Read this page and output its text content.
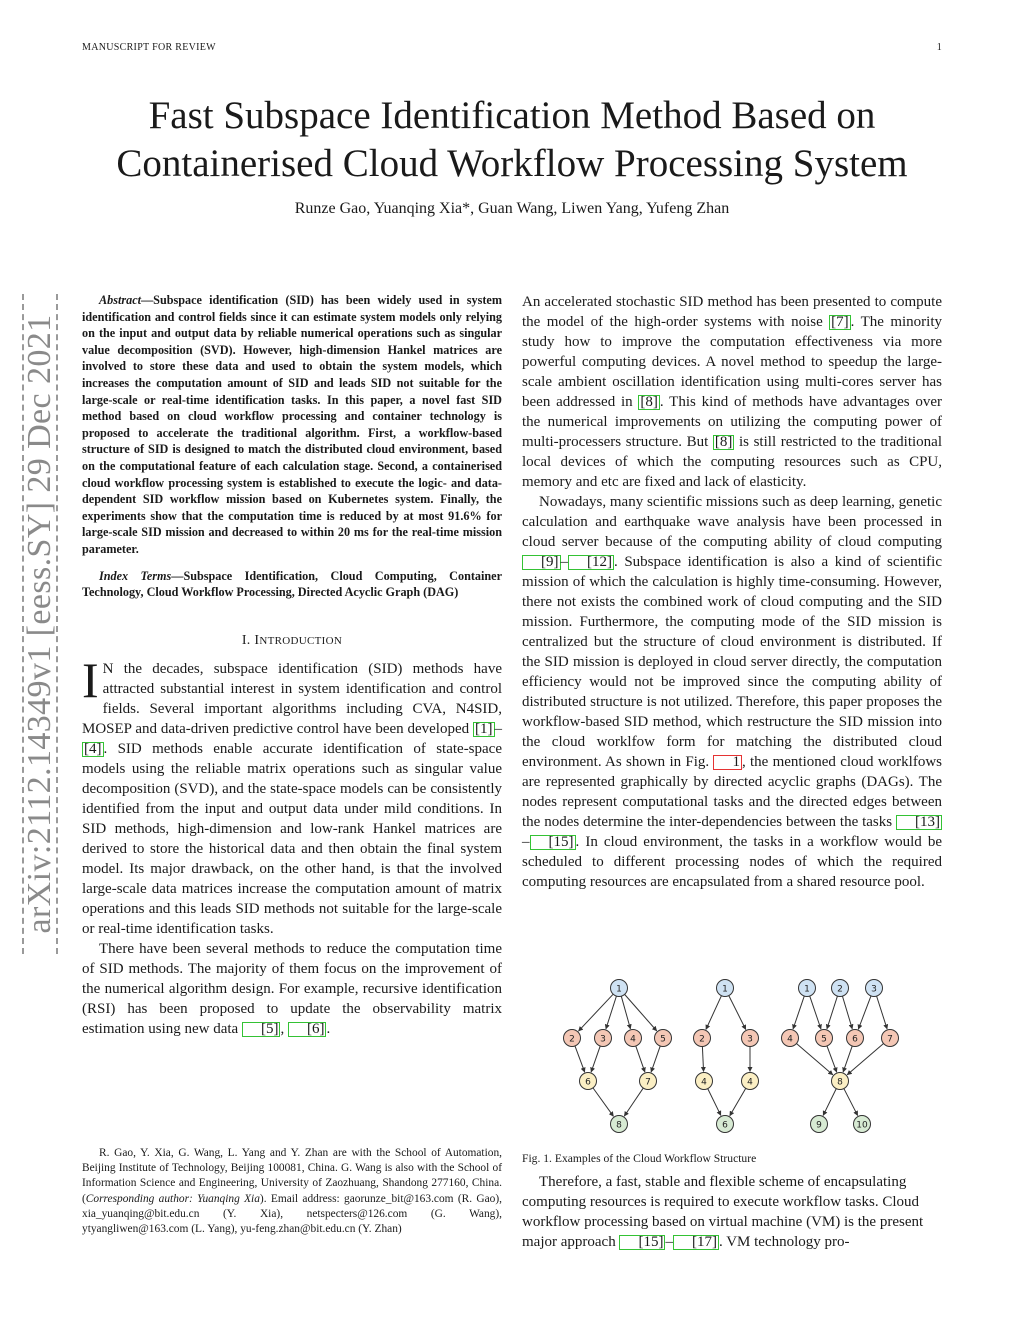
MANUSCRIPT FOR REVIEW	1
Fast Subspace Identification Method Based on
Containerised Cloud Workflow Processing System
Runze Gao, Yuanqing Xia*, Guan Wang, Liwen Yang, Yufeng Zhan
arXiv:2112.14349v1 [eess.SY] 29 Dec 2021

Abstract—Subspace identification (SID) has been widely used in system identification and control fields since it can estimate system models only relying on the input and output data by reliable numerical operations such as singular value decomposition (SVD). However, high-dimension Hankel matrices are involved to store these data and used to obtain the system models, which increases the computation amount of SID and leads SID not suitable for the large-scale or real-time identification tasks. In this paper, a novel fast SID method based on cloud workflow processing and container technology is proposed to accelerate the traditional algorithm. First, a workflow-based structure of SID is designed to match the distributed cloud environment, based on the computational feature of each calculation stage. Second, a containerised cloud workflow processing system is established to execute the logic- and data- dependent SID workflow mission based on Kubernetes system. Finally, the experiments show that the computation time is reduced by at most 91.6% for large-scale SID mission and decreased to within 20 ms for the real-time mission parameter.

Index Terms—Subspace Identification, Cloud Computing, Container Technology, Cloud Workflow Processing, Directed Acyclic Graph (DAG)

I. INTRODUCTION

I N the decades, subspace identification (SID) methods have attracted substantial interest in system identification and control fields. Several important algorithms including CVA, N4SID, MOSEP and data-driven predictive control have been developed [1] –[4] . SID methods enable accurate identification of state-space models using the reliable matrix operations such as singular value decomposition (SVD), and the state-space models can be consistently identified from the input and output data under mild conditions. In SID methods, high-dimension and low-rank Hankel matrices are derived to store the historical data and then obtain the final system model. Its major drawback, on the other hand, is that the involved large-scale data matrices increase the computation amount of matrix operations and this leads SID methods not suitable for the large-scale or real-time identification tasks.

There have been several methods to reduce the computation time of SID methods. The majority of them focus on the improvement of the numerical algorithm design. For example, recursive identification (RSI) has been proposed to update the observability matrix estimation using new data [5] , [6] .

R. Gao, Y. Xia, G. Wang, L. Yang and Y. Zhan are with the School of Automation, Beijing Institute of Technology, Beijing 100081, China. G. Wang is also with the School of Information Science and Engineering, University of Zaozhuang, Shandong 277160, China. (Corresponding author: Yuanqing Xia). Email address: gaorunze_bit@163.com (R. Gao), xia_yuanqing@bit.edu.cn (Y. Xia), netspecters@126.com (G. Wang), ytyangliwen@163.com (L. Yang), yu-feng.zhan@bit.edu.cn (Y. Zhan)

An accelerated stochastic SID method has been presented to compute the model of the high-order systems with noise [7] . The minority study how to improve the computation effectiveness via more powerful computing devices. A novel method to speedup the large-scale ambient oscillation identification using multi-cores server has been addressed in [8] . This kind of methods have advantages over the numerical improvements on utilizing the computing power of multi-processers structure. But [8] is still restricted to the traditional local devices of which the computing resources such as CPU, memory and etc are fixed and lack of elasticity.

Nowadays, many scientific missions such as deep learning, genetic calculation and earthquake wave analysis have been processed in cloud server because of the computing ability of cloud computing [9] – [12] . Subspace identification is also a kind of scientific mission of which the calculation is highly time-consuming. However, there not exists the combined work of cloud computing and the SID mission. Furthermore, the computing mode of the SID mission is centralized but the structure of cloud environment is distributed. If the SID mission is deployed in cloud server directly, the computation efficiency would not be improved since the computing ability of distributed structure is not utilized. Therefore, this paper proposes the workflow-based SID method, which restructure the SID mission into the cloud worklfow form for matching the distributed cloud environment. As shown in Fig. 1 , the mentioned cloud worklfows are represented graphically by directed acyclic graphs (DAGs). The nodes represent computational tasks and the directed edges between the nodes determine the inter-dependencies between the tasks [13]– [15] . In cloud environment, the tasks in a workflow would be scheduled to different processing nodes of which the required computing resources are encapsulated from a shared resource pool.

1
2	3	4	5
6	7
8
1
2	3
4	4
6
1	2	3
4	5	6	7
8
9	10
Fig. 1. Examples of the Cloud Workflow Structure

Therefore, a fast, stable and flexible scheme of encapsulating computing resources is required to execute workflow tasks. Cloud workflow processing based on virtual machine (VM) is the present major approach [15] – [17] . VM technology pro-
